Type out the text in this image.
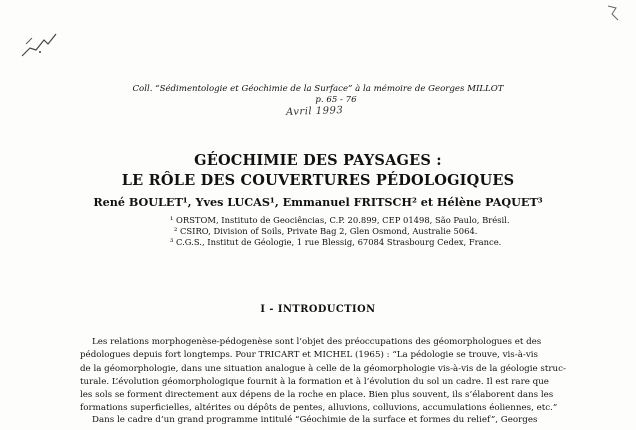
Coll. “Sédimentologie et Géochimie de la Surface” à la mémoire de Georges MILLOT
p. 65 - 76
Avril 1993
GÉOCHIMIE DES PAYSAGES :
LE RÔLE DES COUVERTURES PÉDOLOGIQUES
René BOULET¹, Yves LUCAS¹, Emmanuel FRITSCH² et Hélène PAQUET³
¹ ORSTOM, Instituto de Geociências, C.P. 20.899, CEP 01498, São Paulo, Brésil.
² CSIRO, Division of Soils, Private Bag 2, Glen Osmond, Australie 5064.
³ C.G.S., Institut de Géologie, 1 rue Blessig, 67084 Strasbourg Cedex, France.
I - INTRODUCTION
Les relations morphogenèse-pédogenèse sont l’objet des préoccupations des géomorphologues et des
pédologues depuis fort longtemps. Pour TRICART et MICHEL (1965) : “La pédologie se trouve, vis-à-vis
de la géomorphologie, dans une situation analogue à celle de la géomorphologie vis-à-vis de la géologie struc-
turale. L’évolution géomorphologique fournit à la formation et à l’évolution du sol un cadre. Il est rare que
les sols se forment directement aux dépens de la roche en place. Bien plus souvent, ils s’élaborent dans les
formations superficielles, altérites ou dépôts de pentes, alluvions, colluvions, accumulations éoliennes, etc.”
Dans le cadre d’un grand programme intitulé “Géochimie de la surface et formes du relief”, Georges
